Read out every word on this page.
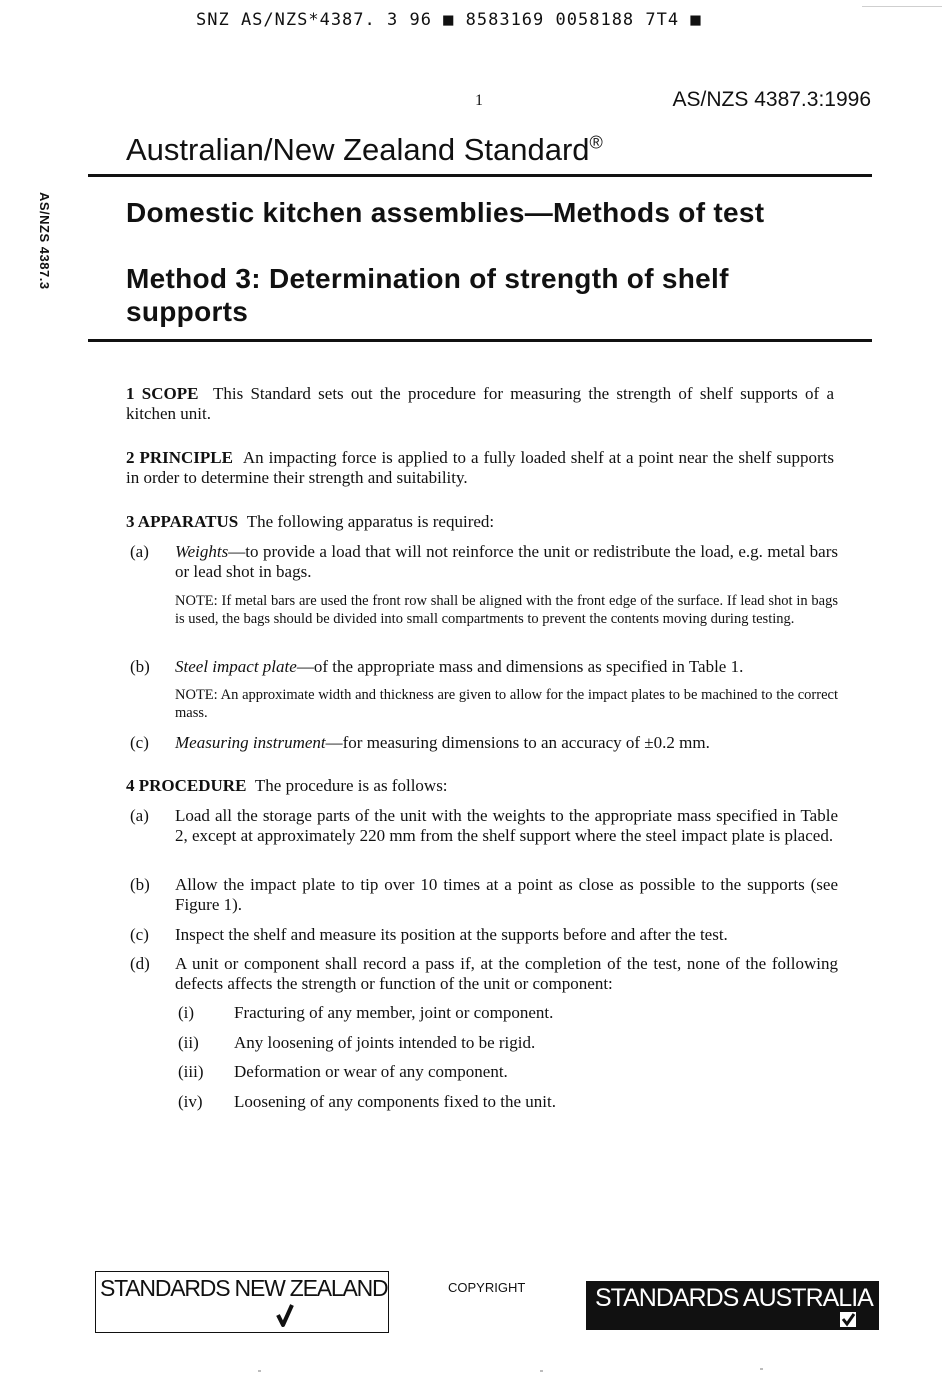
SNZ AS/NZS*4387. 3 96 ■ 8583169 0058188 7T4 ■
1	AS/NZS 4387.3:1996
Australian/New Zealand Standard®
AS/NZS 4387.3	Domestic kitchen assemblies—Methods of test
Method 3: Determination of strength of shelf supports
1 SCOPE This Standard sets out the procedure for measuring the strength of shelf supports of a kitchen unit.
2 PRINCIPLE An impacting force is applied to a fully loaded shelf at a point near the shelf supports in order to determine their strength and suitability.
3 APPARATUS The following apparatus is required:
(a) Weights—to provide a load that will not reinforce the unit or redistribute the load, e.g. metal bars or lead shot in bags.
NOTE: If metal bars are used the front row shall be aligned with the front edge of the surface. If lead shot in bags is used, the bags should be divided into small compartments to prevent the contents moving during testing.
(b) Steel impact plate—of the appropriate mass and dimensions as specified in Table 1.
NOTE: An approximate width and thickness are given to allow for the impact plates to be machined to the correct mass.
(c) Measuring instrument—for measuring dimensions to an accuracy of ±0.2 mm.
4 PROCEDURE The procedure is as follows:
(a) Load all the storage parts of the unit with the weights to the appropriate mass specified in Table 2, except at approximately 220 mm from the shelf support where the steel impact plate is placed.
(b) Allow the impact plate to tip over 10 times at a point as close as possible to the supports (see Figure 1).
(c) Inspect the shelf and measure its position at the supports before and after the test.
(d) A unit or component shall record a pass if, at the completion of the test, none of the following defects affects the strength or function of the unit or component:
(i) Fracturing of any member, joint or component.
(ii) Any loosening of joints intended to be rigid.
(iii) Deformation or wear of any component.
(iv) Loosening of any components fixed to the unit.
STANDARDS NEW ZEALAND	COPYRIGHT	STANDARDS AUSTRALIA
